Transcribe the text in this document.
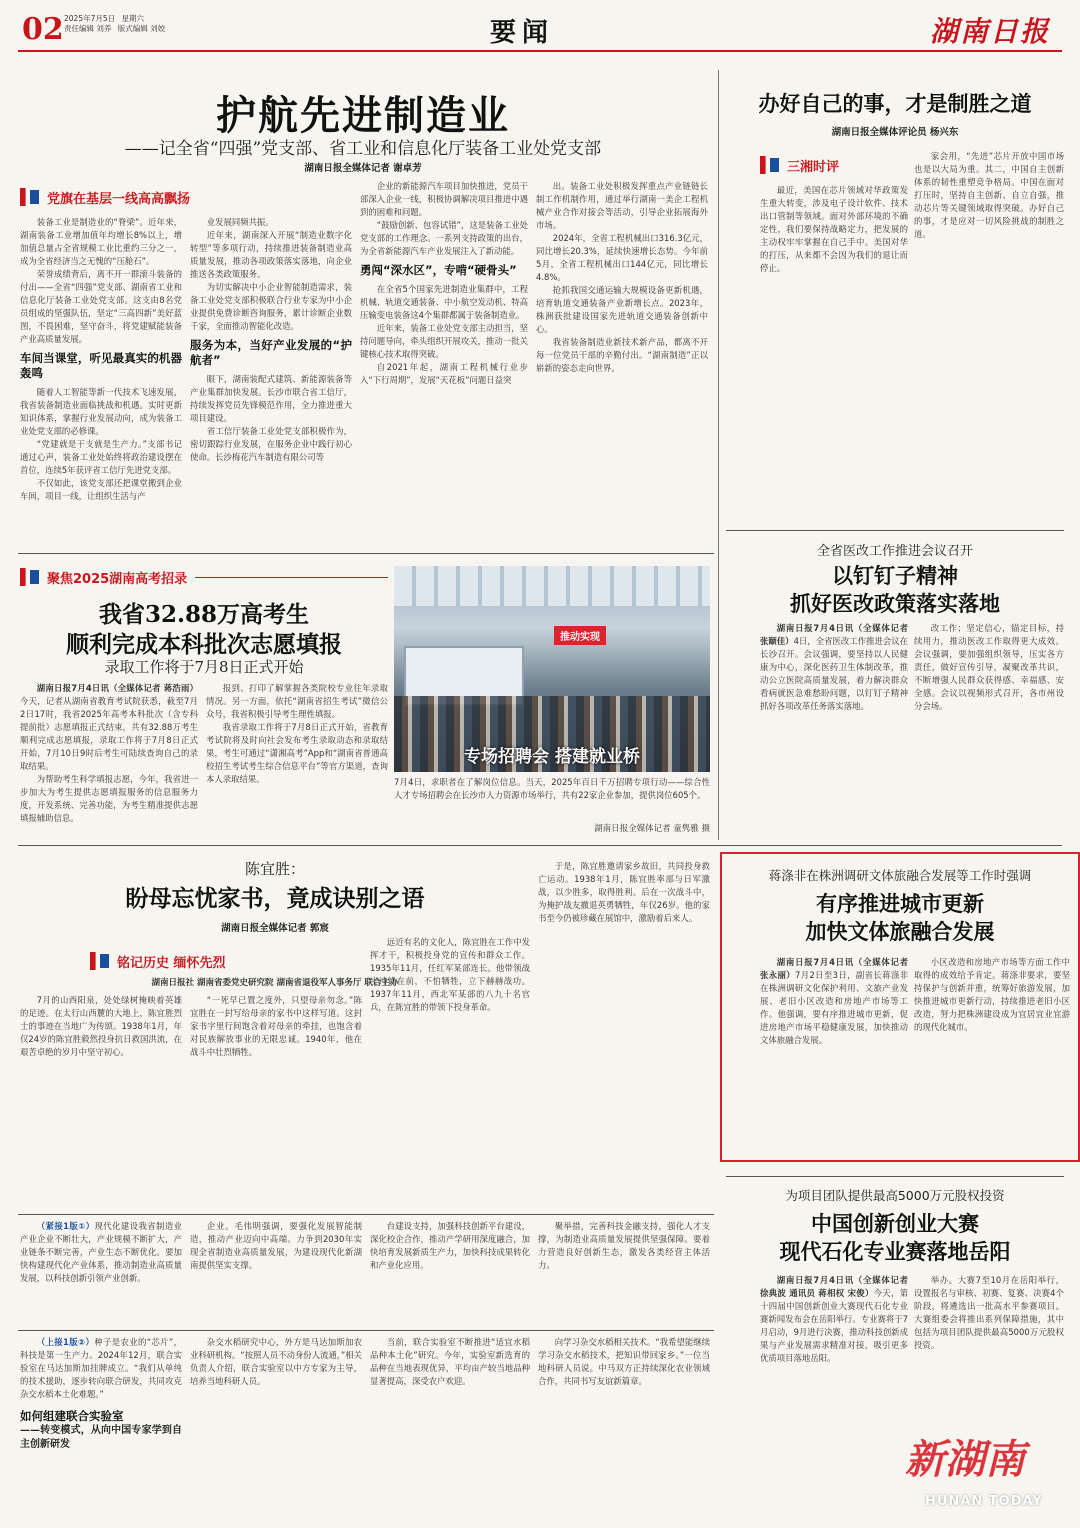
02 2025年7月5日 星期六
责任编辑 刘养 版式编辑 刘姣	要闻	湖南日报
护航先进制造业
——记全省“四强”党支部、省工业和信息化厅装备工业处党支部
湖南日报全媒体记者 谢卓芳
党旗在基层一线高高飘扬

装备工业是制造业的“脊梁”。近年来，湖南装备工业增加值年均增长8%以上，增加值总量占全省规模工业比重约三分之一，成为全省经济当之无愧的“压舱石”。

荣誉成绩背后，离不开一群滚斗装备的付出——全省“四强”党支部、湖南省工业和信息化厅装备工业处党支部。这支由8名党员组成的坚强队伍，坚定“三高四新”美好蓝图，不畏困难，坚守奋斗，将党建赋能装备产业高质量发展。

车间当课堂，听见最真实的机器轰鸣

随着人工智能等新一代技术飞速发展，我省装备制造业面临挑战和机遇。实时更新知识体系，掌握行业发展动向，成为装备工业处党支部的必修课。

“党建就是干支就是生产力。”支部书记通过心声，装备工业处始终将政治建设摆在首位，连续5年获评省工信厅先进党支部。

不仅如此，该党支部还把课堂搬到企业车间，项目一线，让组织生活与产

业发展同频共振。

近年来，湖南深入开展“制造业数字化转型”等多项行动，持续推进装备制造业高质量发展，推动各项政策落实落地，向企业推送各类政策服务。

为切实解决中小企业智能制造需求，装备工业处党支部积极联合行业专家为中小企业提供免费诊断咨询服务，累计诊断企业数千家，全面推动智能化改造。

服务为本，当好产业发展的“护航者”

眼下，湖南装配式建筑、新能源装备等产业集群加快发展。长沙市联合省工信厅，持续发挥党员先锋模范作用，全力推进重大项目建设。

省工信厅装备工业处党支部积极作为，密切跟踪行业发展，在服务企业中践行初心使命。长沙梅花汽车制造有限公司等

企业的新能源汽车项目加快推进，党员干部深入企业一线，积极协调解决项目推进中遇到的困难和问题。

“鼓励创新、包容试错”，这是装备工业处党支部的工作理念。一系列支持政策的出台，为全省新能源汽车产业发展注入了新动能。

勇闯“深水区”，专啃“硬骨头”

在全省5个国家先进制造业集群中，工程机械、轨道交通装备、中小航空发动机、特高压输变电装备这4个集群都属于装备制造业。

近年来，装备工业处党支部主动担当，坚持问题导向，牵头组织开展攻关，推动一批关键核心技术取得突破。

自2021年起，湖南工程机械行业步入“下行周期”，发展“天花板”问题日益突

出。装备工业处积极发挥重点产业链链长制工作机制作用，通过举行湖南一美企工程机械产业合作对接会等活动，引导企业拓展海外市场。

2024年，全省工程机械出口316.3亿元，同比增长20.3%，延续快速增长态势。今年前5月，全省工程机械出口144亿元，同比增长4.8%。

抢抓我国交通运输大规模设备更新机遇，培育轨道交通装备产业新增长点。2023年，株洲获批建设国家先进轨道交通装备创新中心。

我省装备制造业新技术新产品，都离不开每一位党员干部的辛勤付出。“湖南制造”正以崭新的姿态走向世界。

聚焦2025湖南高考招录
我省32.88万高考生
顺利完成本科批次志愿填报
录取工作将于7月8日正式开始

湖南日报7月4日讯（全媒体记者 蒋浩雨）今天，记者从湖南省教育考试院获悉，截至7月2日17时，我省2025年高考本科批次（含专科提前批）志愿填报正式结束，共有32.88万考生顺利完成志愿填报，录取工作将于7月8日正式开始，7月10日9时后考生可陆续查询自己的录取结果。

为帮助考生科学填报志愿，今年，我省进一步加大为考生提供志愿填报服务的信息服务力度，开发系统、完善功能，为考生精准提供志愿填报辅助信息。

报到、打印了解掌握各类院校专业往年录取情况。另一方面，依托“湖南省招生考试”微信公众号，我省积极引导考生理性填报。

我省录取工作将于7月8日正式开始，省教育考试院将及时向社会发布考生录取动态和录取结果，考生可通过“潇湘高考”App和“湖南省普通高校招生考试考生综合信息平台”等官方渠道，查询本人录取结果。

推动实现
专场招聘会 搭建就业桥
7月4日，求职者在了解岗位信息。当天，2025年百日千万招聘专项行动——综合性人才专场招聘会在长沙市人力资源市场举行，共有22家企业参加，提供岗位605个。
湖南日报全媒体记者 童隽雅 摄
办好自己的事，才是制胜之道
湖南日报全媒体评论员 杨兴东
三湘时评

最近，美国在芯片领域对华政策发生重大转变，涉及电子设计软件、技术出口管制等领域。面对外部环境的不确定性，我们要保持战略定力，把发展的主动权牢牢掌握在自己手中。美国对华的打压，从来都不会因为我们的退让而停止。

家会用，“先进”芯片开放中国市场也是以大局为重。其二，中国自主创新体系的韧性重塑竞争格局。中国在面对打压时，坚持自主创新、自立自强，推动芯片等关键领域取得突破。办好自己的事，才是应对一切风险挑战的制胜之道。

全省医改工作推进会议召开
以钉钉子精神
抓好医改政策落实落地

湖南日报7月4日讯（全媒体记者 张颐佳）4日，全省医改工作推进会议在长沙召开。会议强调，要坚持以人民健康为中心，深化医药卫生体制改革，推动公立医院高质量发展，着力解决群众看病就医急难愁盼问题，以钉钉子精神抓好各项改革任务落实落地。

改工作；坚定信心，锚定目标，持续用力，推动医改工作取得更大成效。会议强调，要加强组织领导，压实各方责任，做好宣传引导，凝聚改革共识，不断增强人民群众获得感、幸福感、安全感。会议以视频形式召开，各市州设分会场。

蒋涤非在株洲调研文体旅融合发展等工作时强调
有序推进城市更新
加快文体旅融合发展

湖南日报7月4日讯（全媒体记者 张永丽）7月2日至3日，副省长蒋涤非在株洲调研文化保护利用、文旅产业发展、老旧小区改造和房地产市场等工作。他强调，要有序推进城市更新，促进房地产市场平稳健康发展，加快推动文体旅融合发展。

小区改造和房地产市场等方面工作中取得的成效给予肯定。蒋涤非要求，要坚持保护与创新并重，统筹好旅游发展，加快推进城市更新行动，持续推进老旧小区改造，努力把株洲建设成为宜居宜业宜游的现代化城市。

为项目团队提供最高5000万元股权投资
中国创新创业大赛
现代石化专业赛落地岳阳

湖南日报7月4日讯（全媒体记者 徐典波 通讯员 蒋相权 宋俊）今天，第十四届中国创新创业大赛现代石化专业赛新闻发布会在岳阳举行。专业赛将于7月启动，9月进行决赛，推动科技创新成果与产业发展需求精准对接，吸引更多优质项目落地岳阳。

举办。大赛7至10月在岳阳举行，设置报名与审核、初赛、复赛、决赛4个阶段，将遴选出一批高水平参赛项目。大赛组委会将推出系列保障措施，其中包括为项目团队提供最高5000万元股权投资。

陈宜胜：
盼母忘忧家书，竟成诀别之语
湖南日报全媒体记者 郭宸
铭记历史 缅怀先烈
湖南日报社 湖南省委党史研究院 湖南省退役军人事务厅 联合主办

7月的山西阳泉，处处绿树掩映着英雄的足迹。在太行山西麓的大地上，陈宜胜烈士的事迹在当地广为传颂。1938年1月，年仅24岁的陈宜胜毅然投身抗日救国洪流，在艰苦卓绝的岁月中坚守初心。

“一死早已置之度外，只望母亲勿念。”陈宜胜在一封写给母亲的家书中这样写道。这封家书字里行间饱含着对母亲的牵挂，也饱含着对民族解放事业的无限忠诚。1940年，他在战斗中壮烈牺牲。

远近有名的文化人，陈宜胜在工作中发挥才干，积极投身党的宣传和群众工作。1935年11月，任红军某部连长。他带领战士冲锋在前，不怕牺牲，立下赫赫战功。1937年11月，西北军某部的八九十名官兵，在陈宜胜的带领下投身革命。

于是，陈宜胜邀请家乡故旧，共同投身救亡运动。1938年1月，陈宜胜率部与日军激战，以少胜多，取得胜利。后在一次战斗中，为掩护战友撤退英勇牺牲，年仅26岁。他的家书至今仍被珍藏在展馆中，激励着后来人。

（紧接1版①）现代化建设我省制造业产业企业不断壮大，产业规模不断扩大，产业链条不断完善，产业生态不断优化。要加快构建现代化产业体系，推动制造业高质量发展，以科技创新引领产业创新。

企业。毛伟明强调，要强化发展智能制造，推动产业迈向中高端。力争到2030年实现全省制造业高质量发展，为建设现代化新湖南提供坚实支撑。

台建设支持，加强科技创新平台建设，深化校企合作，推动产学研用深度融合，加快培育发展新质生产力，加快科技成果转化和产业化应用。

聚举措，完善科技金融支持，强化人才支撑，为制造业高质量发展提供坚强保障。要着力营造良好创新生态，激发各类经营主体活力。

（上接1版②）种子是农业的“芯片”，科技是第一生产力。2024年12月，联合实验室在马达加斯加挂牌成立。“我们从单纯的技术援助，逐步转向联合研发，共同攻克杂交水稻本土化难题。”

如何组建联合实验室
——转变模式，从向中国专家学到自主创新研发

杂交水稻研究中心，外方是马达加斯加农业科研机构。“按照人员不动身份人流通，”相关负责人介绍，联合实验室以中方专家为主导，培养当地科研人员。

当前，联合实验室不断推进“适宜水稻品种本土化”研究。今年，实验室新选育的品种在当地表现优异，平均亩产较当地品种显著提高，深受农户欢迎。

向学习杂交水稻相关技术。“我希望能继续学习杂交水稻技术，把知识带回家乡。”一位当地科研人员说。中马双方正持续深化农业领域合作，共同书写友谊新篇章。

新湖南
HUNAN TODAY
